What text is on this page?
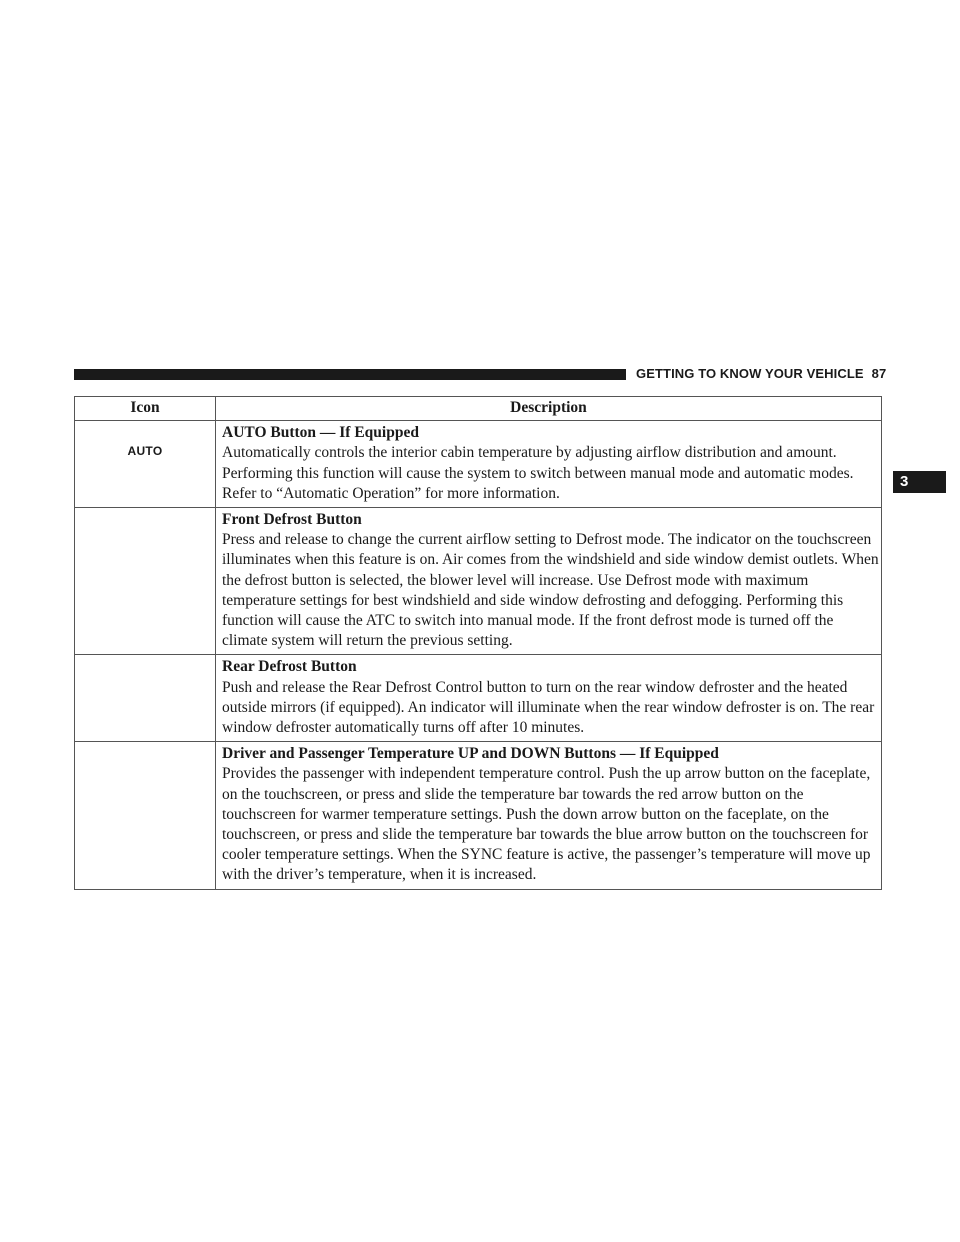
GETTING TO KNOW YOUR VEHICLE 87
3
Icon	Description
AUTO	AUTO Button — If Equipped
Automatically controls the interior cabin temperature by adjusting airflow distribution and amount. Performing this function will cause the system to switch between manual mode and automatic modes. Refer to “Automatic Operation” for more information.

	Front Defrost Button
Press and release to change the current airflow setting to Defrost mode. The indicator on the touchscreen illuminates when this feature is on. Air comes from the windshield and side window demist outlets. When the defrost button is selected, the blower level will increase. Use Defrost mode with maximum temperature settings for best windshield and side window defrosting and defogging. Performing this function will cause the ATC to switch into manual mode. If the front defrost mode is turned off the climate system will return the previous setting.

	Rear Defrost Button
Push and release the Rear Defrost Control button to turn on the rear window defroster and the heated outside mirrors (if equipped). An indicator will illuminate when the rear window defroster is on. The rear window defroster automatically turns off after 10 minutes.

	Driver and Passenger Temperature UP and DOWN Buttons — If Equipped
Provides the passenger with independent temperature control. Push the up arrow button on the faceplate, on the touchscreen, or press and slide the temperature bar towards the red arrow button on the touchscreen for warmer temperature settings. Push the down arrow button on the faceplate, on the touchscreen, or press and slide the temperature bar towards the blue arrow button on the touchscreen for cooler temperature settings. When the SYNC feature is active, the passenger’s temperature will move up with the driver’s temperature, when it is increased.
